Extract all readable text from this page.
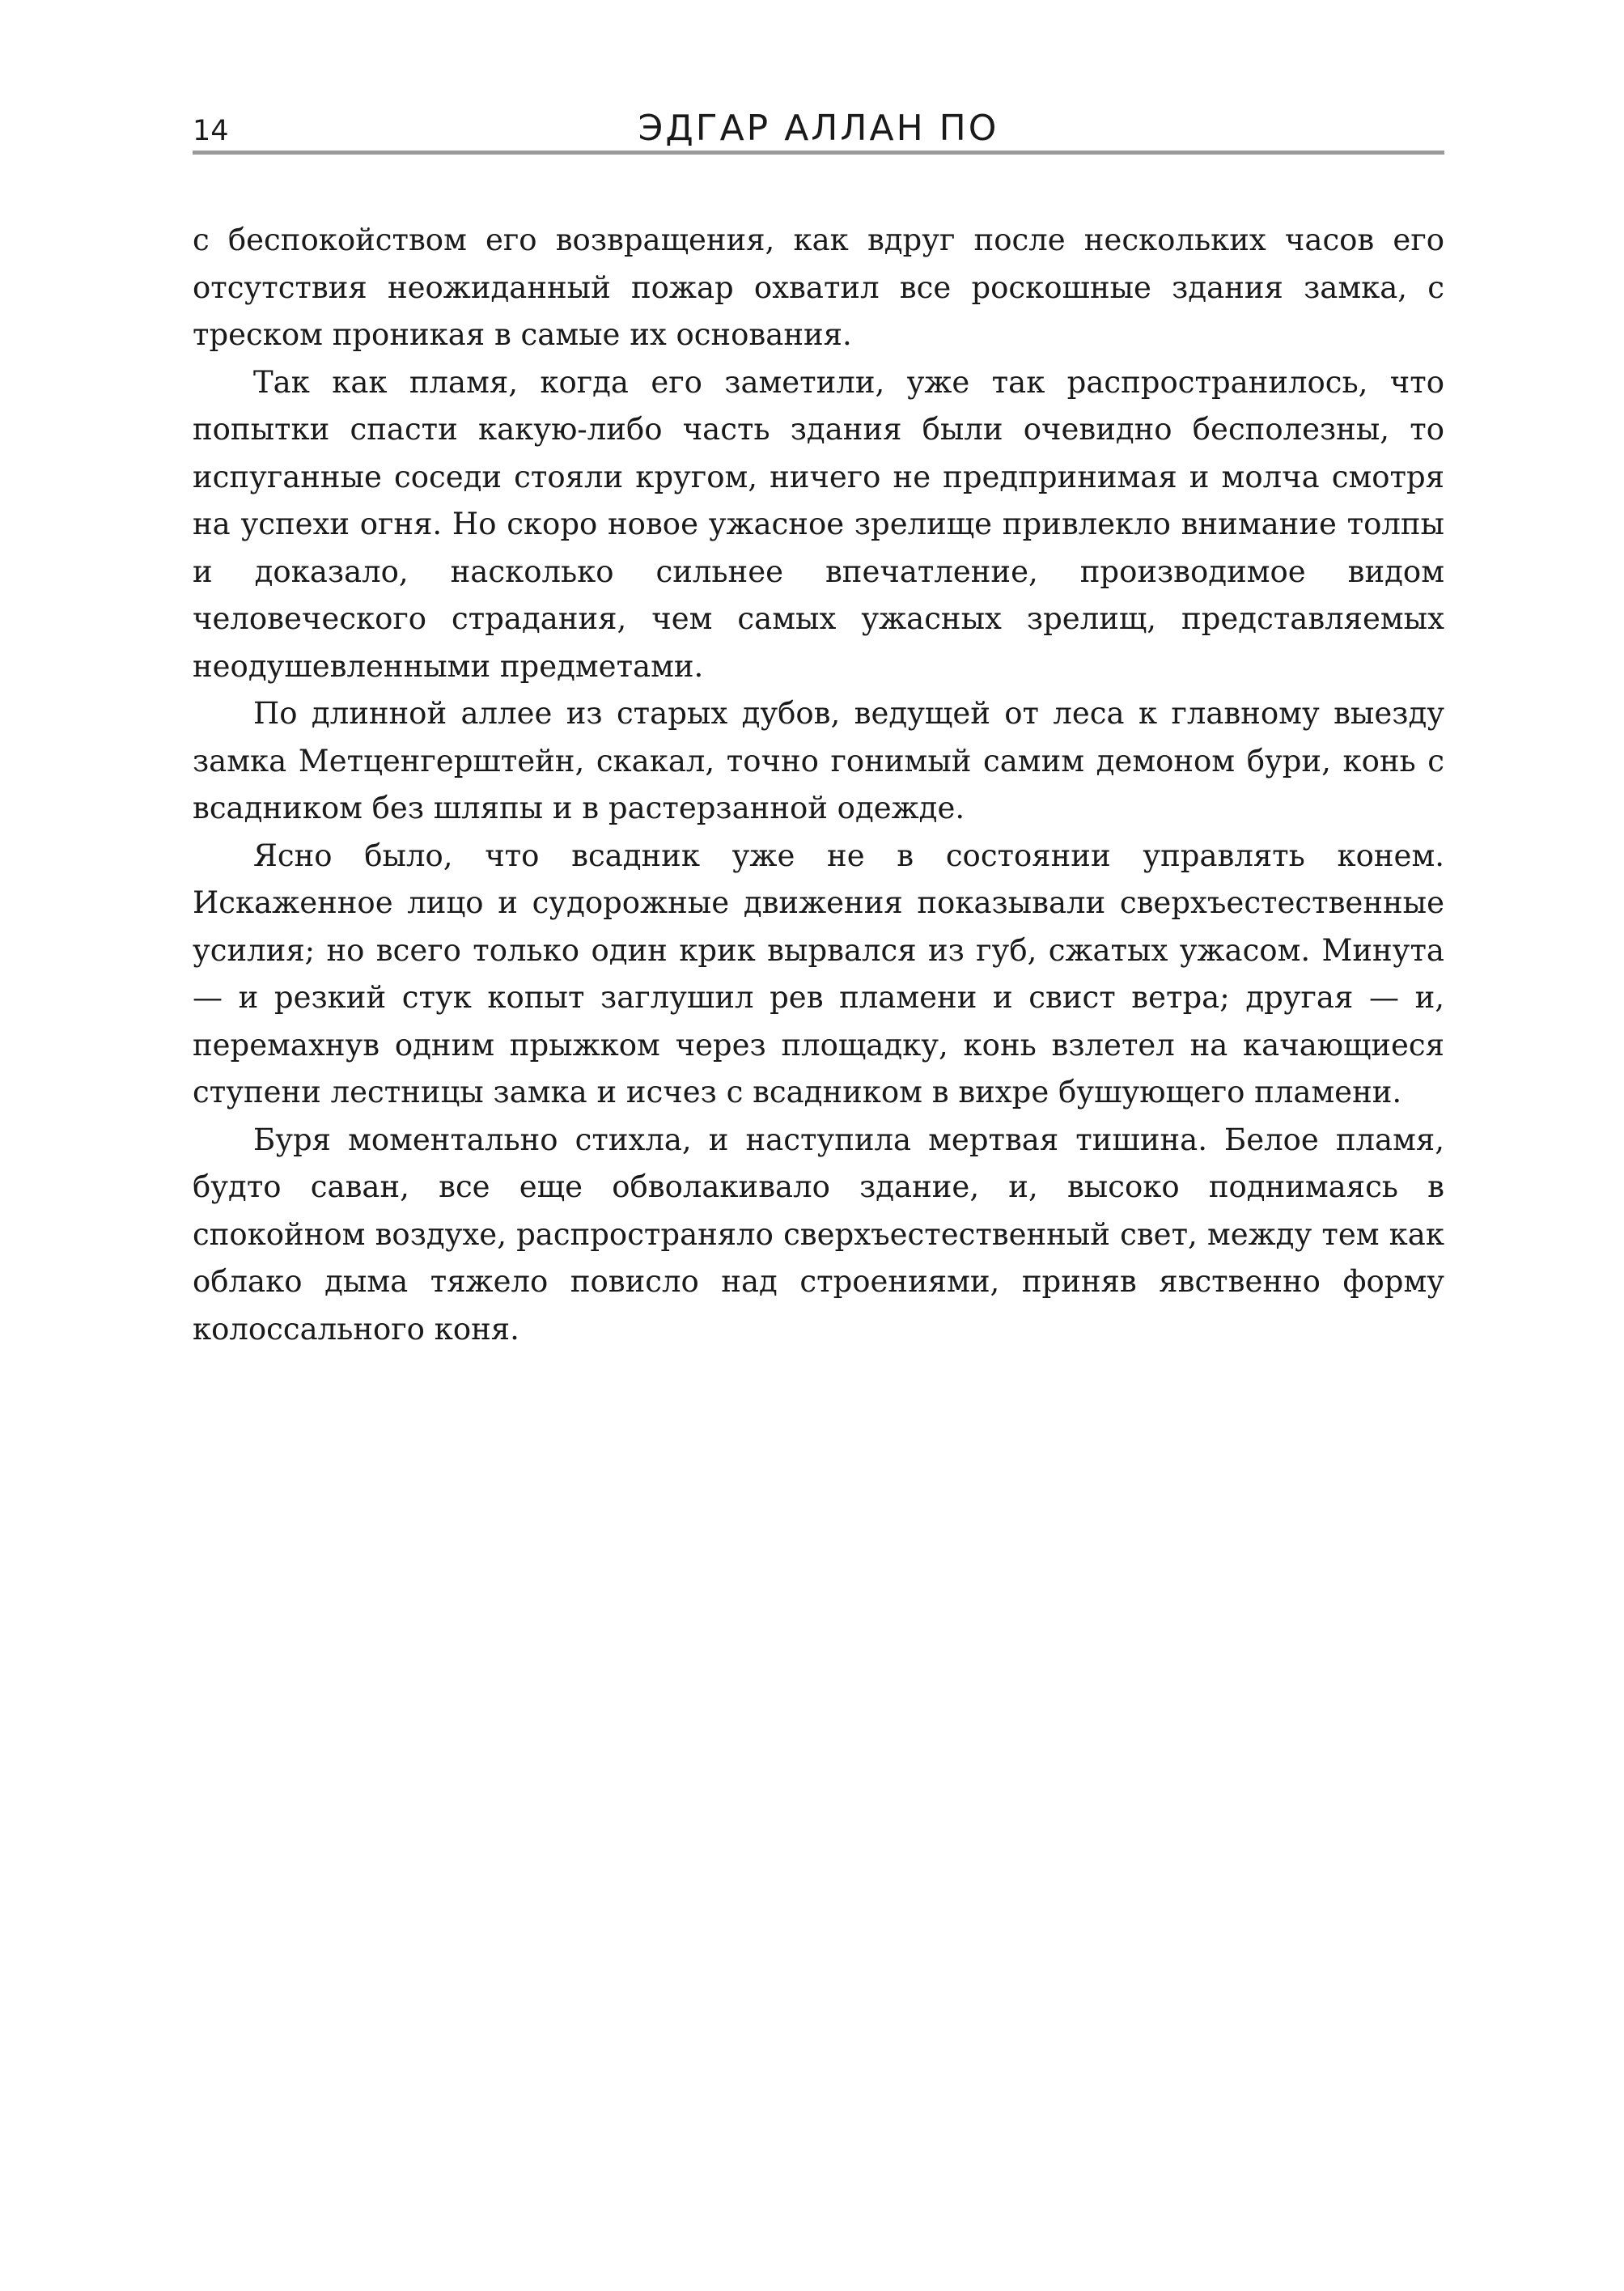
14	ЭДГАР АЛЛАН ПО

с беспокойством его возвращения, как вдруг после нескольких часов его отсутствия неожиданный пожар охватил все роскошные здания замка, с треском проникая в самые их основания.

Так как пламя, когда его заметили, уже так распространилось, что попытки спасти какую-либо часть здания были очевидно бесполезны, то испуганные соседи стояли кругом, ничего не предпринимая и молча смотря на успехи огня. Но скоро новое ужасное зрелище привлекло внимание толпы и доказало, насколько сильнее впечатление, производимое видом человеческого страдания, чем самых ужасных зрелищ, представляемых неодушевленными предметами.

По длинной аллее из старых дубов, ведущей от леса к главному выезду замка Метценгерштейн, скакал, точно гонимый самим демоном бури, конь с всадником без шляпы и в растерзанной одежде.

Ясно было, что всадник уже не в состоянии управлять конем. Искаженное лицо и судорожные движения показывали сверхъестественные усилия; но всего только один крик вырвался из губ, сжатых ужасом. Минута — и резкий стук копыт заглушил рев пламени и свист ветра; другая — и, перемахнув одним прыжком через площадку, конь взлетел на качающиеся ступени лестницы замка и исчез с всадником в вихре бушующего пламени.

Буря моментально стихла, и наступила мертвая тишина. Белое пламя, будто саван, все еще обволакивало здание, и, высоко поднимаясь в спокойном воздухе, распространяло сверхъестественный свет, между тем как облако дыма тяжело повисло над строениями, приняв явственно форму колоссального коня.
